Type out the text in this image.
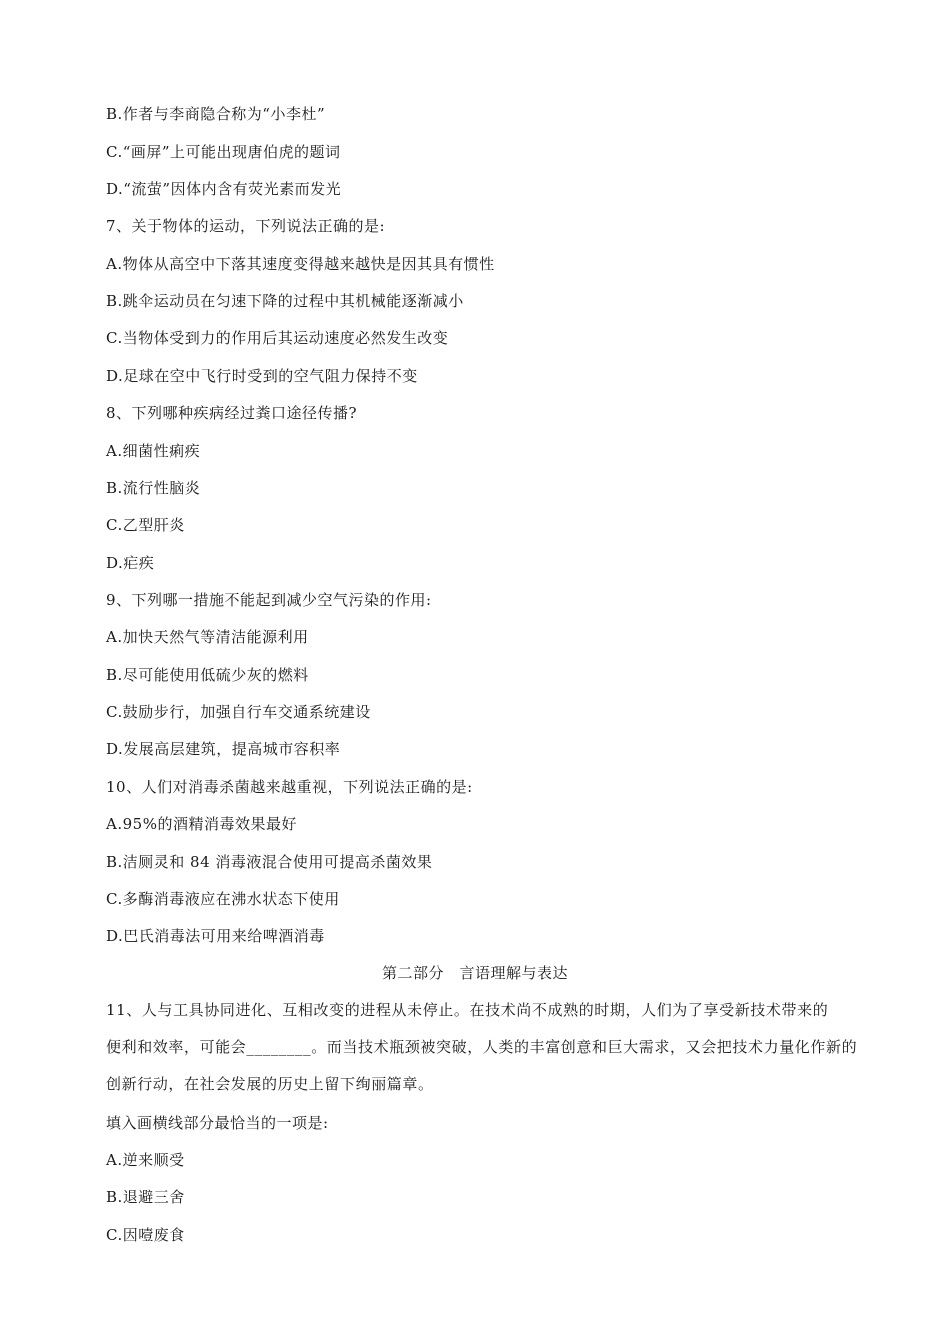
B.作者与李商隐合称为“小李杜”
C.“画屏”上可能出现唐伯虎的题词
D.“流萤”因体内含有荧光素而发光
7、关于物体的运动，下列说法正确的是:
A.物体从高空中下落其速度变得越来越快是因其具有惯性
B.跳伞运动员在匀速下降的过程中其机械能逐渐减小
C.当物体受到力的作用后其运动速度必然发生改变
D.足球在空中飞行时受到的空气阻力保持不变
8、下列哪种疾病经过粪口途径传播?
A.细菌性痢疾
B.流行性脑炎
C.乙型肝炎
D.疟疾
9、下列哪一措施不能起到减少空气污染的作用:
A.加快天然气等清洁能源利用
B.尽可能使用低硫少灰的燃料
C.鼓励步行，加强自行车交通系统建设
D.发展高层建筑，提高城市容积率
10、人们对消毒杀菌越来越重视，下列说法正确的是:
A.95%的酒精消毒效果最好
B.洁厕灵和 84 消毒液混合使用可提高杀菌效果
C.多酶消毒液应在沸水状态下使用
D.巴氏消毒法可用来给啤酒消毒
第二部分　言语理解与表达
11、人与工具协同进化、互相改变的进程从未停止。在技术尚不成熟的时期，人们为了享受新技术带来的
便利和效率，可能会________。而当技术瓶颈被突破，人类的丰富创意和巨大需求，又会把技术力量化作新的
创新行动，在社会发展的历史上留下绚丽篇章。
填入画横线部分最恰当的一项是:
A.逆来顺受
B.退避三舍
C.因噎废食
